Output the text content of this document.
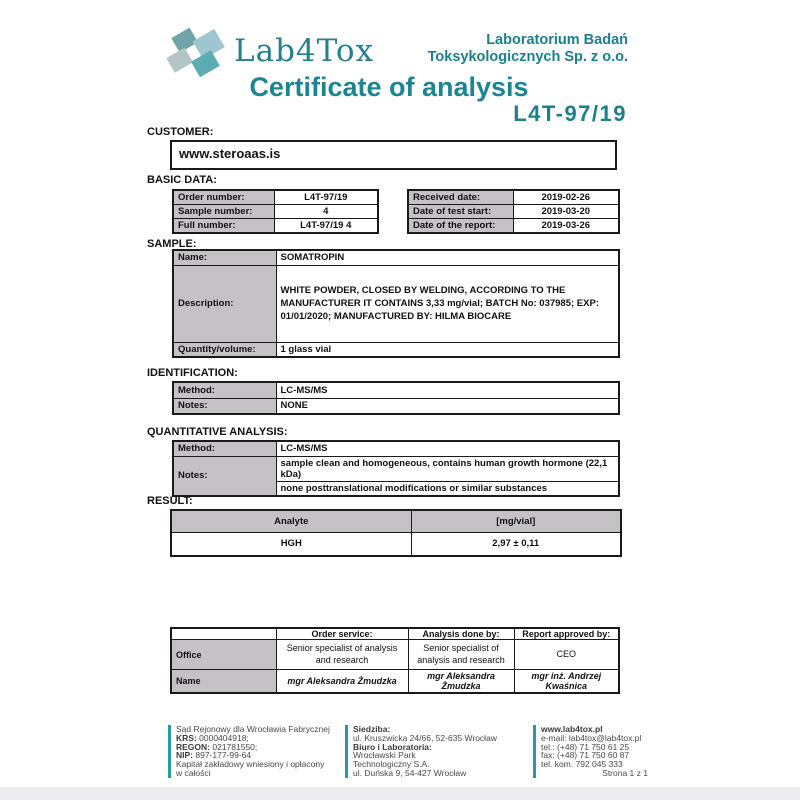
Lab4Tox	Laboratorium Badań
Toksykologicznych Sp. z o.o.
Certificate of analysis
L4T-97/19
CUSTOMER:
www.steroaas.is
BASIC DATA:
Order number:	L4T-97/19
Sample number:	4
Full number:	L4T-97/19 4
Received date:	2019-02-26
Date of test start:	2019-03-20
Date of the report:	2019-03-26
SAMPLE:
Name:	SOMATROPIN
Description:	WHITE POWDER, CLOSED BY WELDING, ACCORDING TO THE MANUFACTURER IT CONTAINS 3,33 mg/vial; BATCH No: 037985; EXP: 01/01/2020; MANUFACTURED BY: HILMA BIOCARE
Quantity/volume:	1 glass vial
IDENTIFICATION:
Method:	LC-MS/MS
Notes:	NONE
QUANTITATIVE ANALYSIS:
Method:	LC-MS/MS
Notes:	sample clean and homogeneous, contains human growth hormone (22,1 kDa)
	none posttranslational modifications or similar substances
RESULT:
Analyte	[mg/vial]
HGH	2,97 ± 0,11
	Order service:	Analysis done by:	Report approved by:
Office	Senior specialist of analysis and research	Senior specialist of analysis and research	CEO
Name	mgr Aleksandra Żmudzka	mgr Aleksandra Żmudzka	mgr inż. Andrzej Kwaśnica
Sąd Rejonowy dla Wrocławia Fabrycznej
KRS: 0000404918;
REGON: 021781550;
NIP: 897-177-99-64
Kapitał zakładowy wniesiony i opłacony
w całości
Siedziba:
ul. Kruszwicka 24/66, 52-635 Wrocław
Biuro i Laboratoria:
Wrocławski Park
Technologiczny S.A.
ul. Duńska 9, 54-427 Wrocław
www.lab4tox.pl
e-mail: lab4tox@lab4tox.pl
tel.: (+48) 71 750 61 25
fax: (+48) 71 750 60 87
tel. kom. 792 045 333
Strona 1 z 1
